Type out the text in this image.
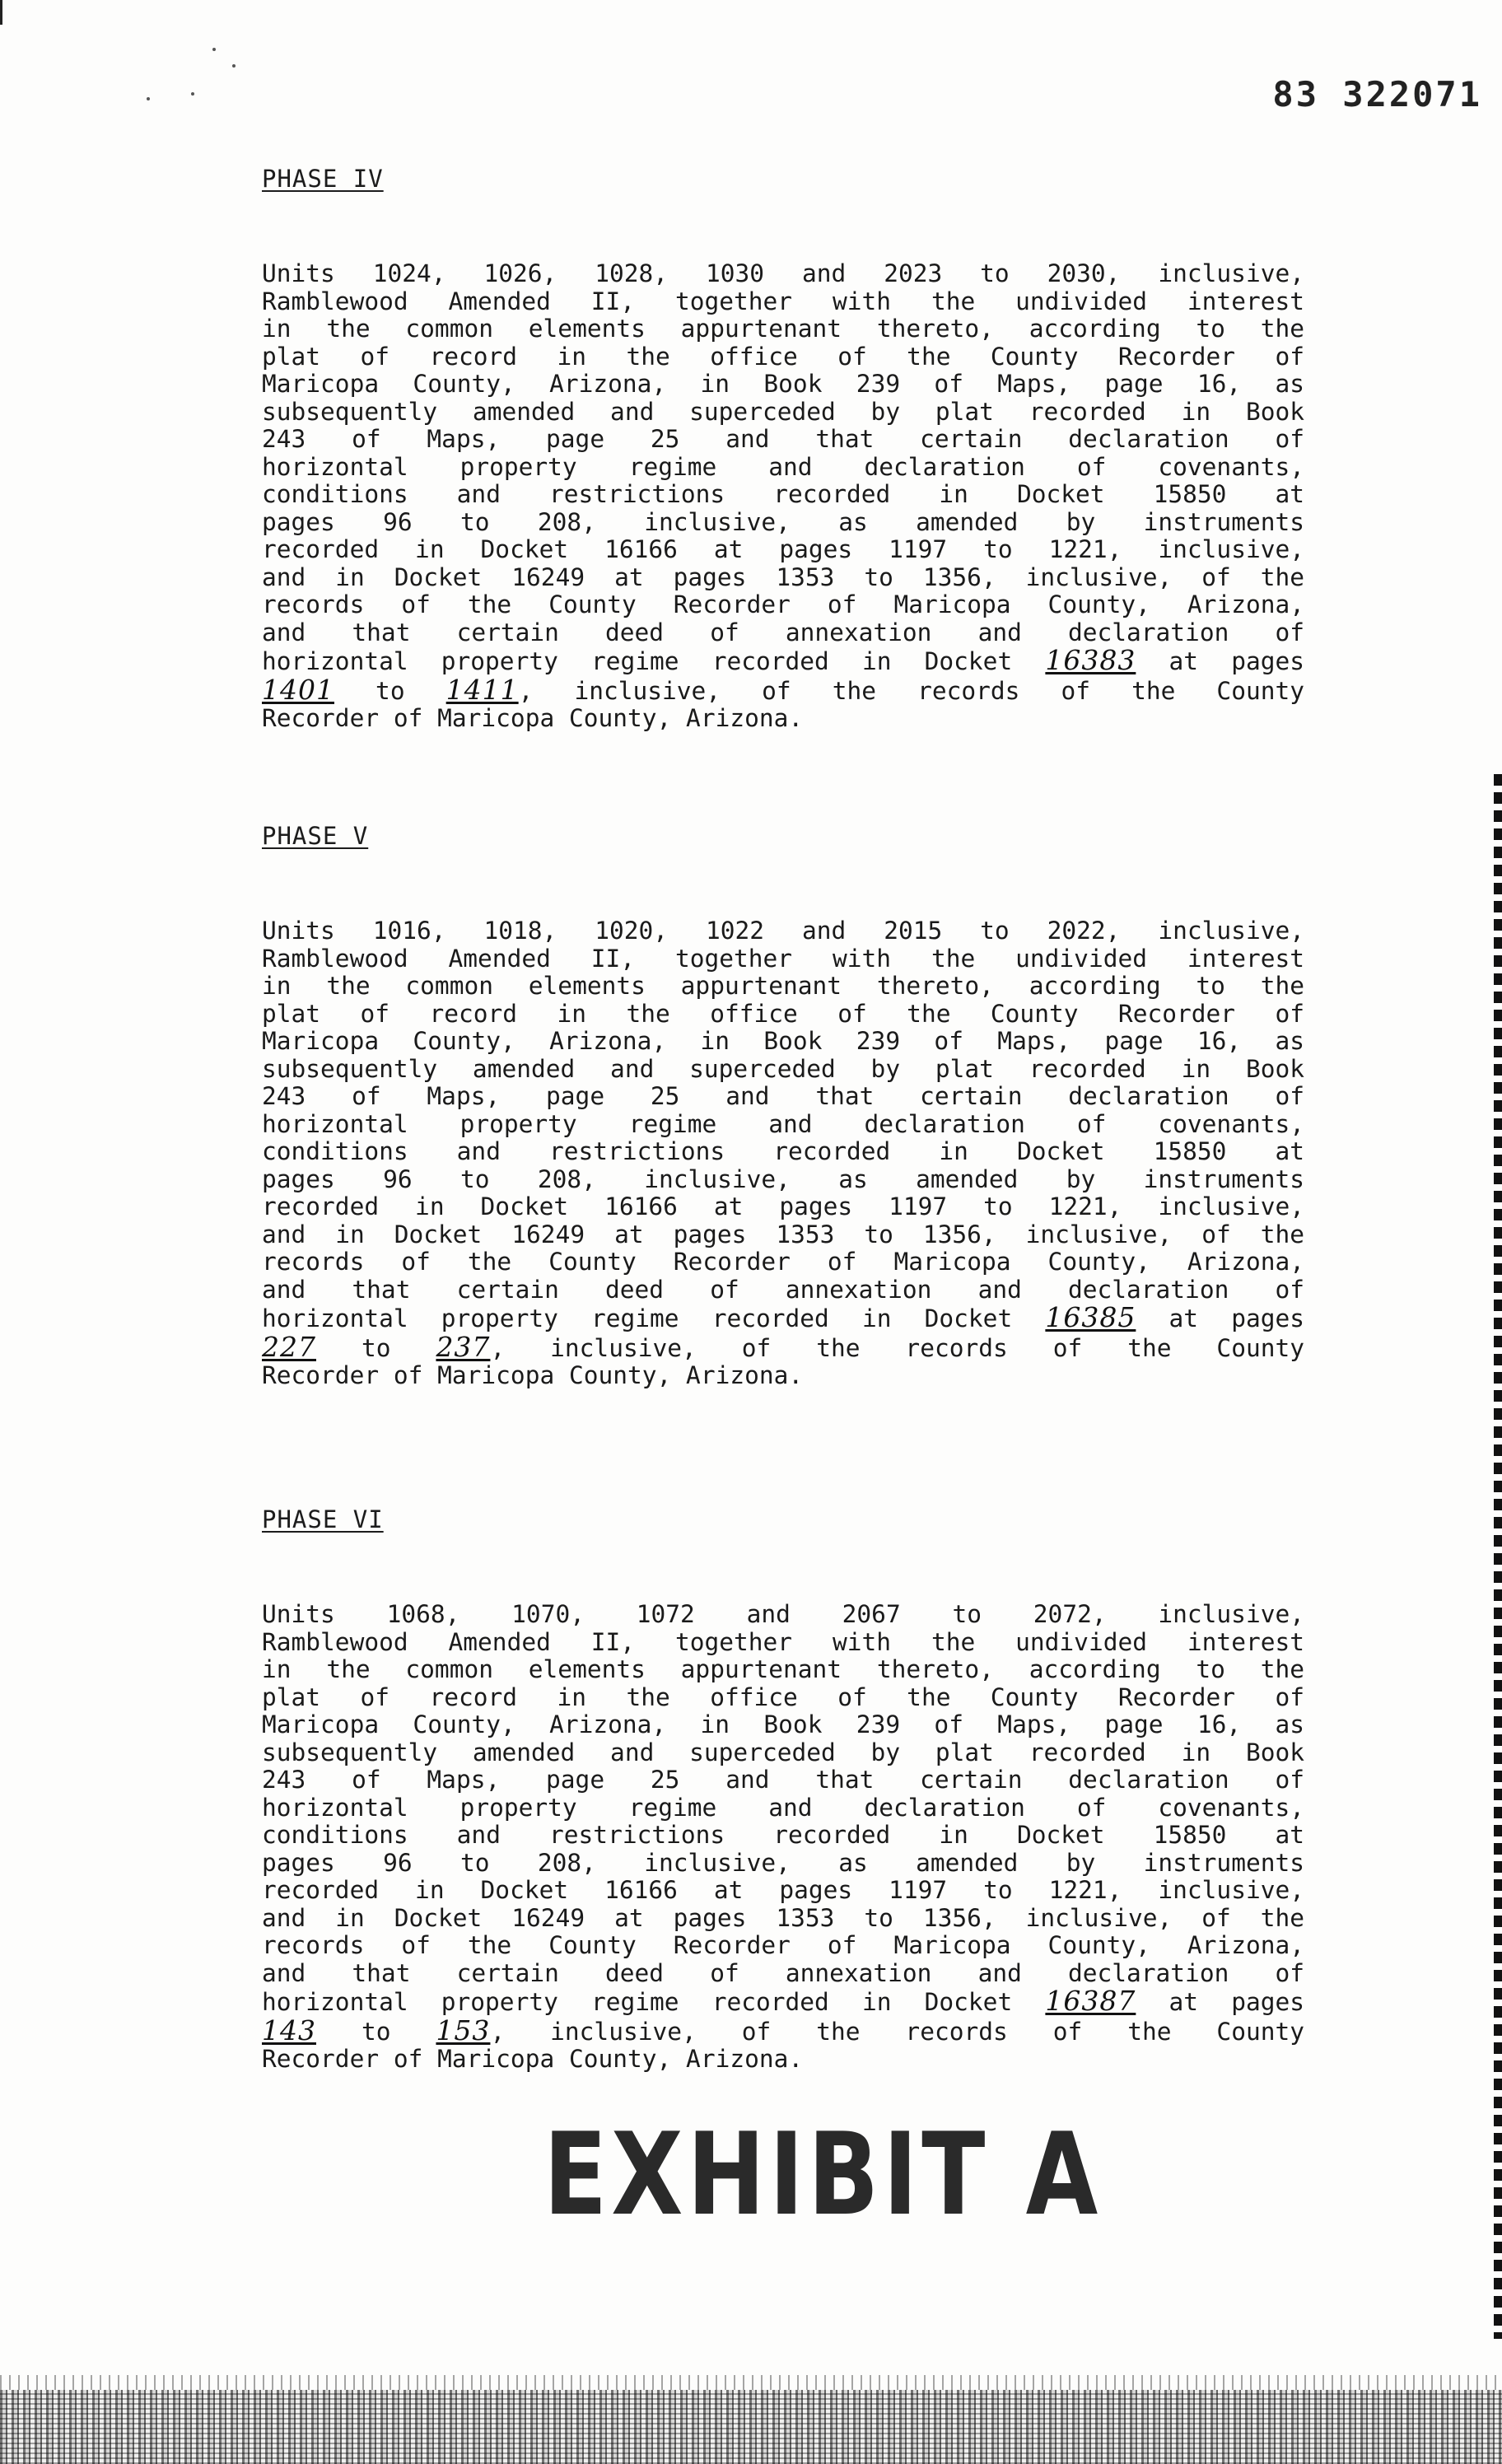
83 322071
PHASE IV
Units 1024, 1026, 1028, 1030 and 2023 to 2030, inclusive,
Ramblewood Amended II, together with the undivided interest
in the common elements appurtenant thereto, according to the
plat of record in the office of the County Recorder of
Maricopa County, Arizona, in Book 239 of Maps, page 16, as
subsequently amended and superceded by plat recorded in Book
243 of Maps, page 25 and that certain declaration of
horizontal property regime and declaration of covenants,
conditions and restrictions recorded in Docket 15850 at
pages 96 to 208, inclusive, as amended by instruments
recorded in Docket 16166 at pages 1197 to 1221, inclusive,
and in Docket 16249 at pages 1353 to 1356, inclusive, of the
records of the County Recorder of Maricopa County, Arizona,
and that certain deed of annexation and declaration of
horizontal property regime recorded in Docket 16383 at pages
1401 to 1411, inclusive, of the records of the County
Recorder of Maricopa County, Arizona.
PHASE V
Units 1016, 1018, 1020, 1022 and 2015 to 2022, inclusive,
Ramblewood Amended II, together with the undivided interest
in the common elements appurtenant thereto, according to the
plat of record in the office of the County Recorder of
Maricopa County, Arizona, in Book 239 of Maps, page 16, as
subsequently amended and superceded by plat recorded in Book
243 of Maps, page 25 and that certain declaration of
horizontal property regime and declaration of covenants,
conditions and restrictions recorded in Docket 15850 at
pages 96 to 208, inclusive, as amended by instruments
recorded in Docket 16166 at pages 1197 to 1221, inclusive,
and in Docket 16249 at pages 1353 to 1356, inclusive, of the
records of the County Recorder of Maricopa County, Arizona,
and that certain deed of annexation and declaration of
horizontal property regime recorded in Docket 16385 at pages
227 to 237, inclusive, of the records of the County
Recorder of Maricopa County, Arizona.
PHASE VI
Units 1068, 1070, 1072 and 2067 to 2072, inclusive,
Ramblewood Amended II, together with the undivided interest
in the common elements appurtenant thereto, according to the
plat of record in the office of the County Recorder of
Maricopa County, Arizona, in Book 239 of Maps, page 16, as
subsequently amended and superceded by plat recorded in Book
243 of Maps, page 25 and that certain declaration of
horizontal property regime and declaration of covenants,
conditions and restrictions recorded in Docket 15850 at
pages 96 to 208, inclusive, as amended by instruments
recorded in Docket 16166 at pages 1197 to 1221, inclusive,
and in Docket 16249 at pages 1353 to 1356, inclusive, of the
records of the County Recorder of Maricopa County, Arizona,
and that certain deed of annexation and declaration of
horizontal property regime recorded in Docket 16387 at pages
143 to 153, inclusive, of the records of the County
Recorder of Maricopa County, Arizona.
EXHIBIT A
